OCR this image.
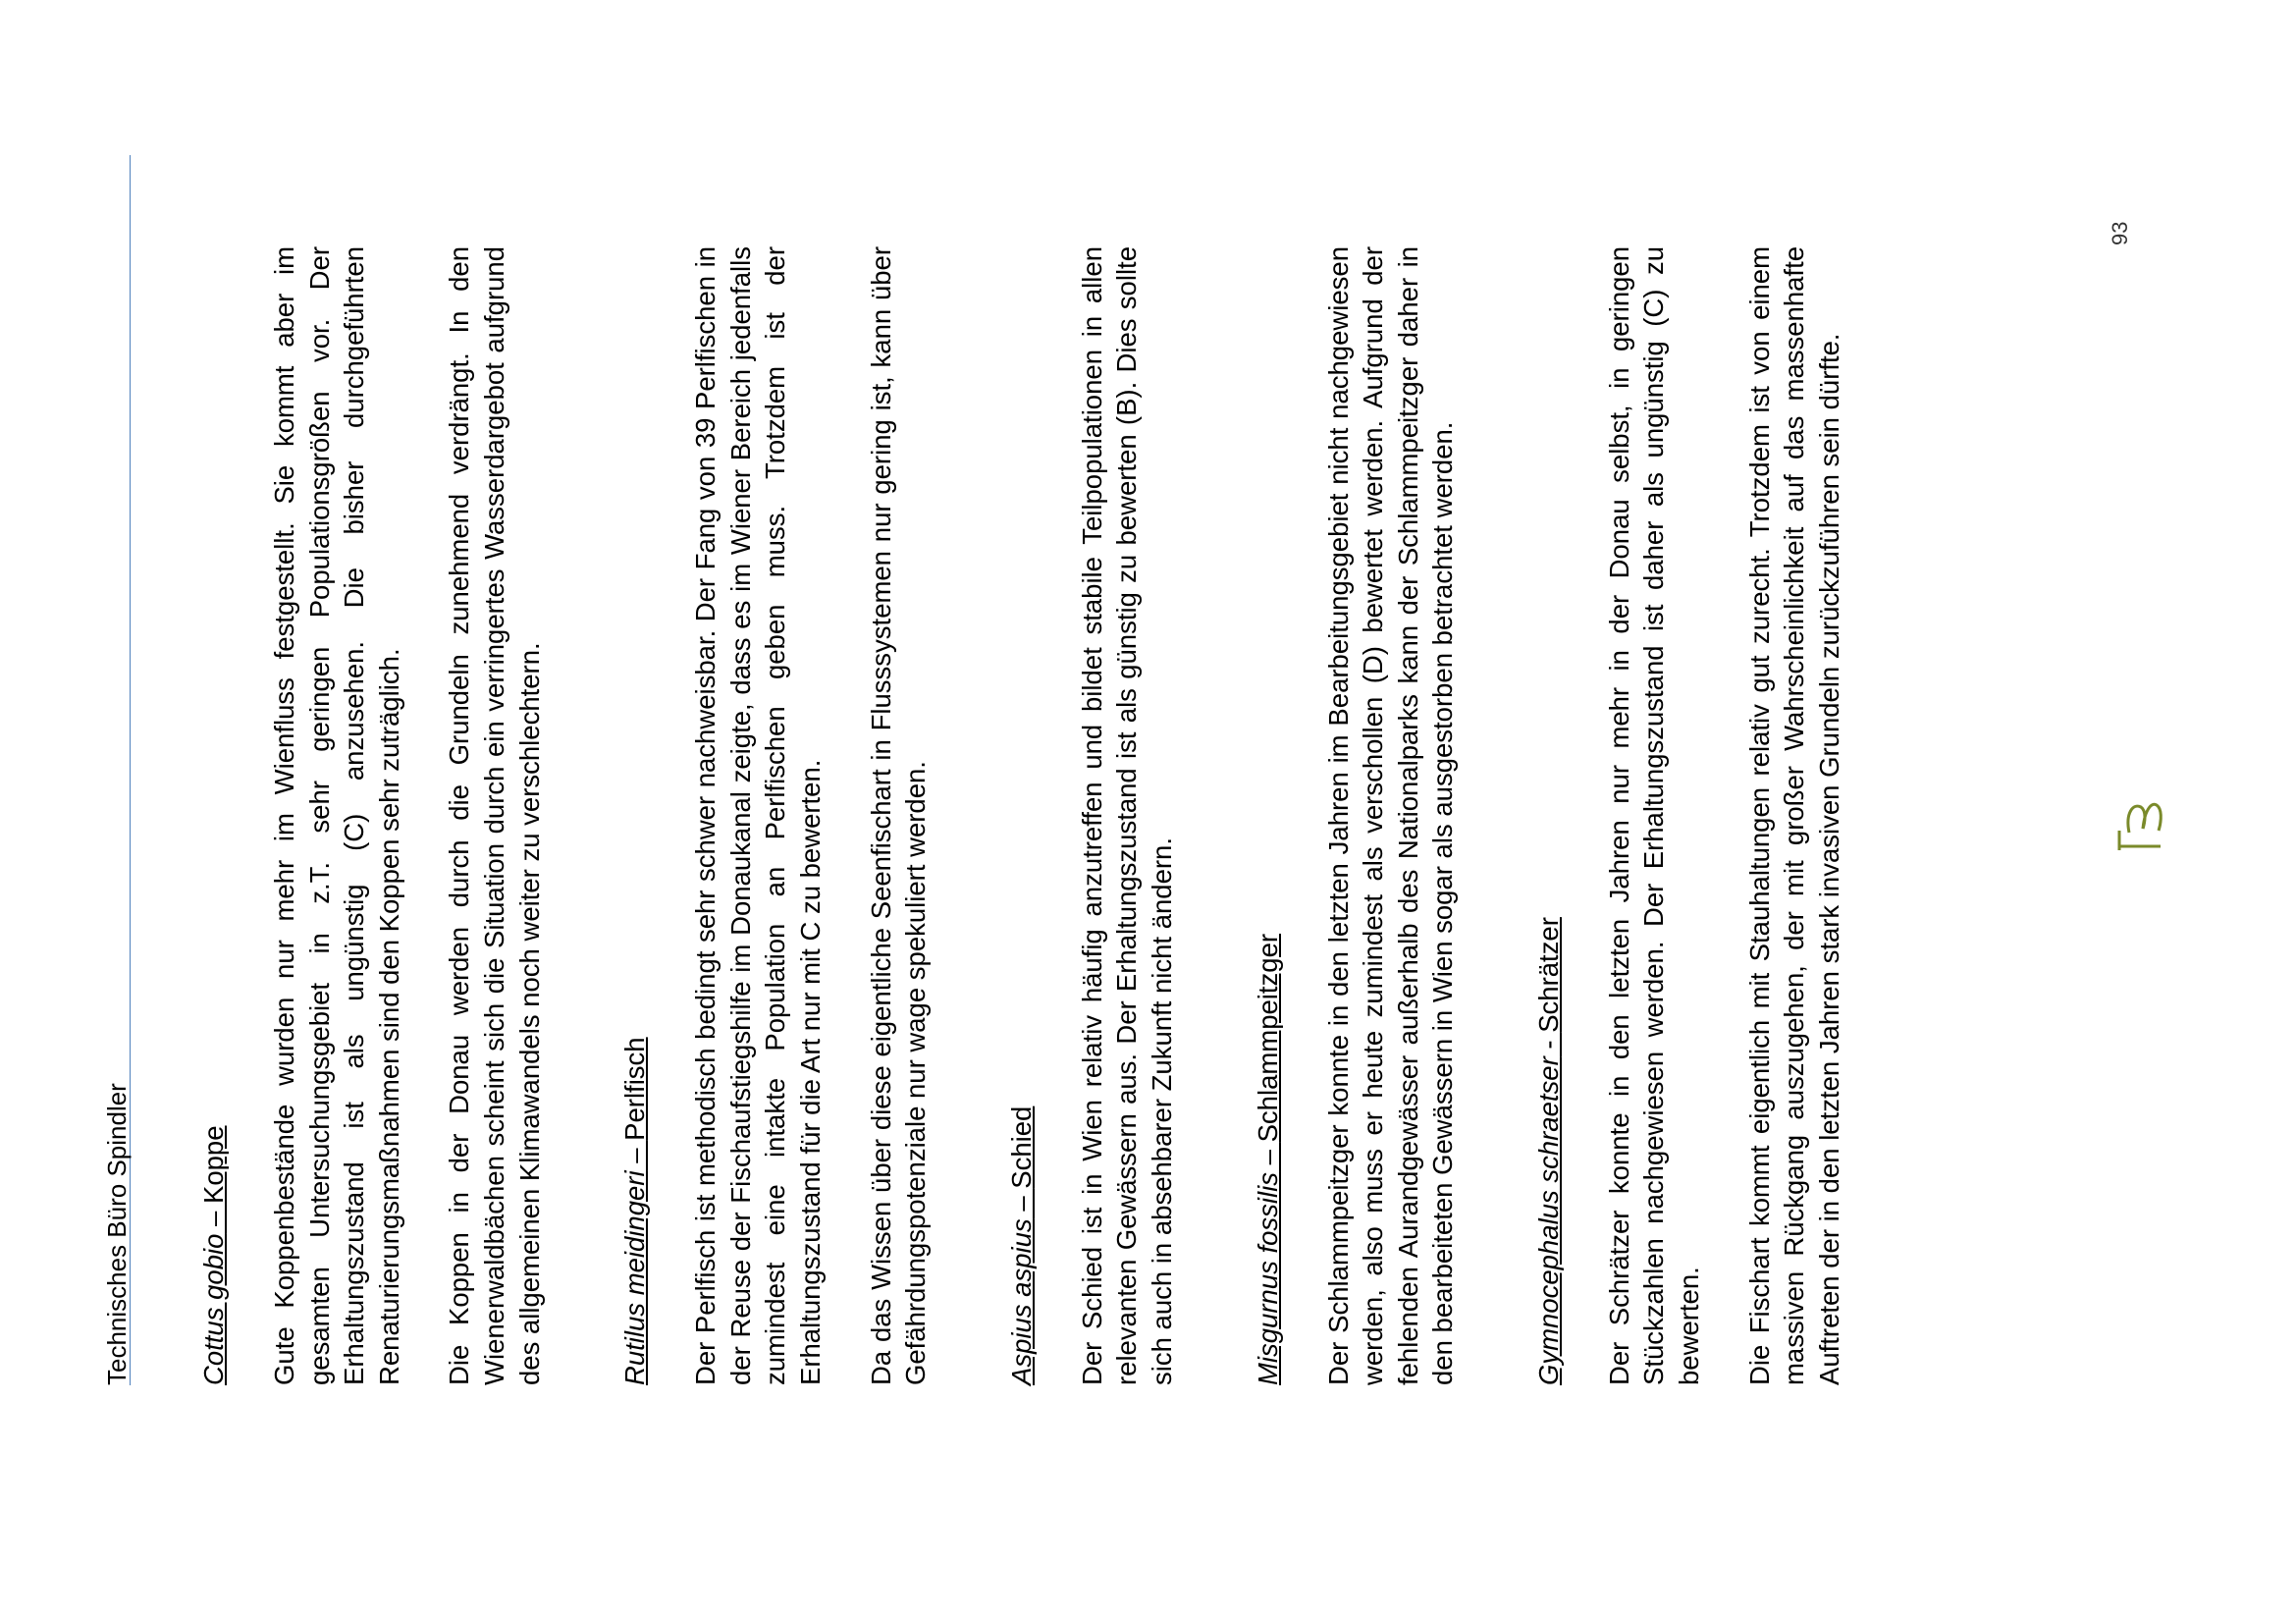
Technisches Büro Spindler Cottus gobio – Koppe Gute Koppenbestände wurden nur mehr im Wienfluss festgestellt. Sie kommt aber im gesamten Untersuchungsgebiet in z.T. sehr geringen Populationsgrößen vor. Der Erhaltungszustand ist als ungünstig (C) anzusehen. Die bisher durchgeführten Renaturierungsmaßnahmen sind den Koppen sehr zuträglich. Die Koppen in der Donau werden durch die Grundeln zunehmend verdrängt. In den Wienerwaldbächen scheint sich die Situation durch ein verringertes Wasserdargebot aufgrund des allgemeinen Klimawandels noch weiter zu verschlechtern.	Rutilus meidingeri – Perlfisch Der Perlfisch ist methodisch bedingt sehr schwer nachweisbar. Der Fang von 39 Perlfischen in der Reuse der Fischaufstiegshilfe im Donaukanal zeigte, dass es im Wiener Bereich jedenfalls zumindest eine intakte Population an Perlfischen geben muss. Trotzdem ist der Erhaltungszustand für die Art nur mit C zu bewerten. Da das Wissen über diese eigentliche Seenfischart in Flusssystemen nur gering ist, kann über Gefährdungspotenziale nur wage spekuliert werden.	Aspius aspius – Schied Der Schied ist in Wien relativ häufig anzutreffen und bildet stabile Teilpopulationen in allen relevanten Gewässern aus. Der Erhaltungszustand ist als günstig zu bewerten (B). Dies sollte sich auch in absehbarer Zukunft nicht ändern.	Misgurnus fossilis – Schlammpeitzger Der Schlammpeitzger konnte in den letzten Jahren im Bearbeitungsgebiet nicht nachgewiesen werden, also muss er heute zumindest als verschollen (D) bewertet werden. Aufgrund der fehlenden Aurandgewässer außerhalb des Nationalparks kann der Schlammpeitzger daher in den bearbeiteten Gewässern in Wien sogar als ausgestorben betrachtet werden.	Gymnocephalus schraetser - Schrätzer Der Schrätzer konnte in den letzten Jahren nur mehr in der Donau selbst, in geringen Stückzahlen nachgewiesen werden. Der Erhaltungszustand ist daher als ungünstig (C) zu bewerten. Die Fischart kommt eigentlich mit Stauhaltungen relativ gut zurecht. Trotzdem ist von einem massiven Rückgang auszugehen, der mit großer Wahrscheinlichkeit auf das massenhafte Auftreten der in den letzten Jahren stark invasiven Grundeln zurückzuführen sein dürfte.

93
